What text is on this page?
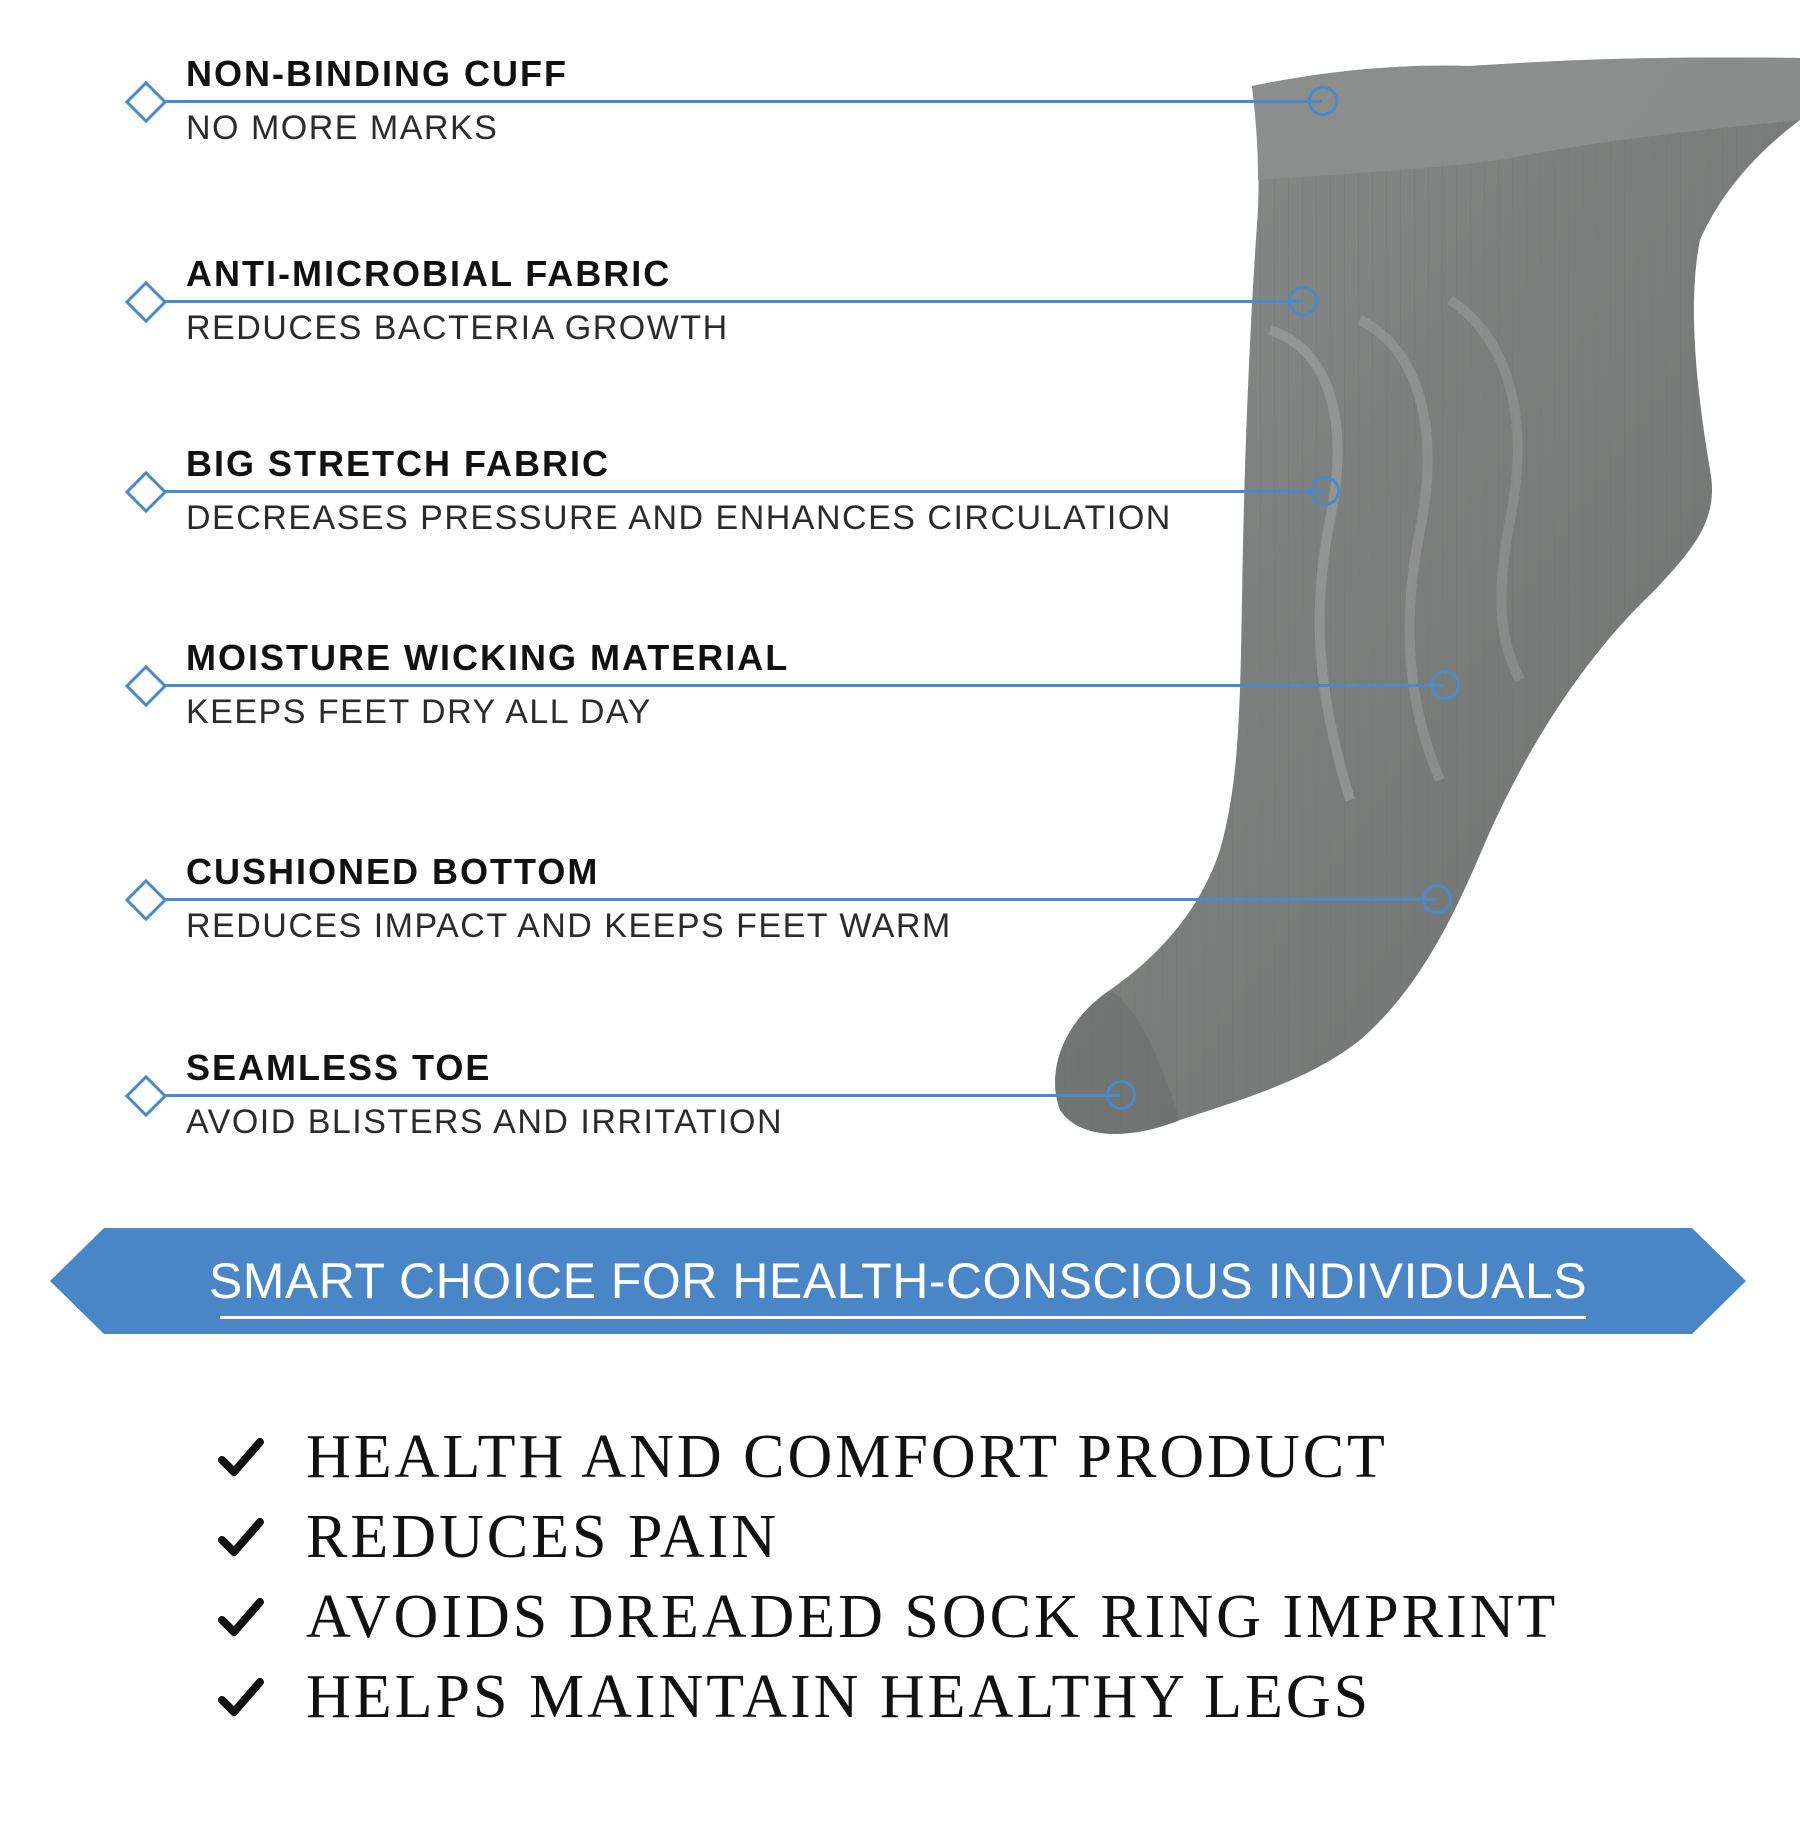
NON-BINDING CUFF
NO MORE MARKS
ANTI-MICROBIAL FABRIC
REDUCES BACTERIA GROWTH
BIG STRETCH FABRIC
DECREASES PRESSURE AND ENHANCES CIRCULATION
MOISTURE WICKING MATERIAL
KEEPS FEET DRY ALL DAY
CUSHIONED BOTTOM
REDUCES IMPACT AND KEEPS FEET WARM
SEAMLESS TOE
AVOID BLISTERS AND IRRITATION
SMART CHOICE FOR HEALTH-CONSCIOUS INDIVIDUALS
HEALTH AND COMFORT PRODUCT
REDUCES PAIN
AVOIDS DREADED SOCK RING IMPRINT
HELPS MAINTAIN HEALTHY LEGS
